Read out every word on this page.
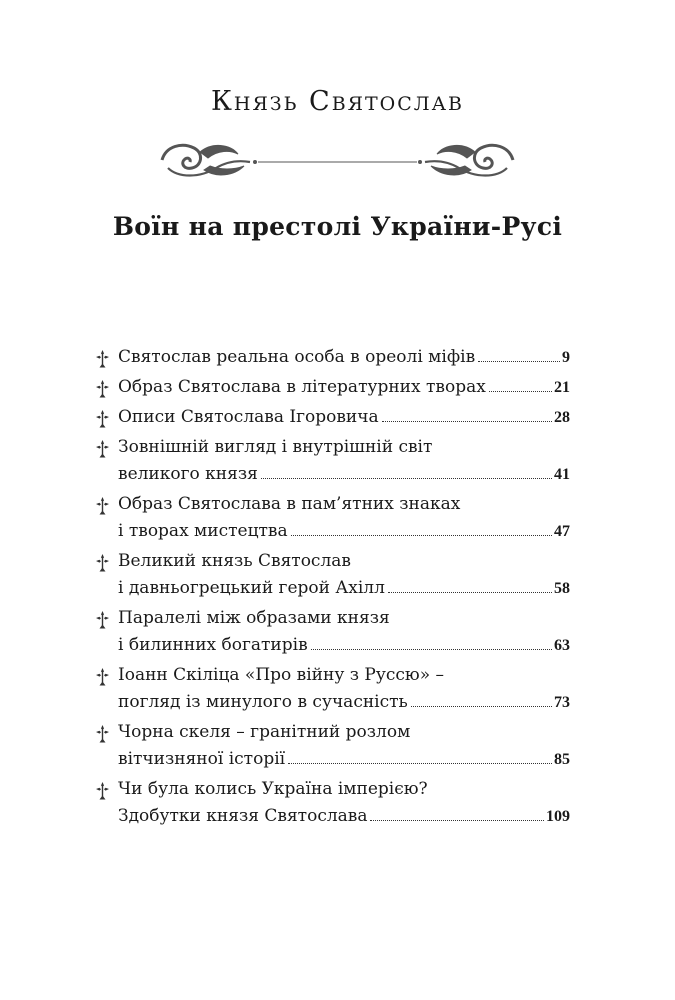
Князь Святослав
Воїн на престолі України-Русі
Святослав реальна особа в ореолі міфів	9
Образ Святослава в літературних творах	21
Описи Святослава Ігоровича	28
Зовнішній вигляд і внутрішній світ
великого князя	41
Образ Святослава в пам’ятних знаках
і творах мистецтва	47
Великий князь Святослав
і давньогрецький герой Ахілл	58
Паралелі між образами князя
і билинних богатирів	63
Іоанн Скіліца «Про війну з Руссю» –
погляд із минулого в сучасність	73
Чорна скеля – гранітний розлом
вітчизняної історії	85
Чи була колись Україна імперією?
Здобутки князя Святослава	109
